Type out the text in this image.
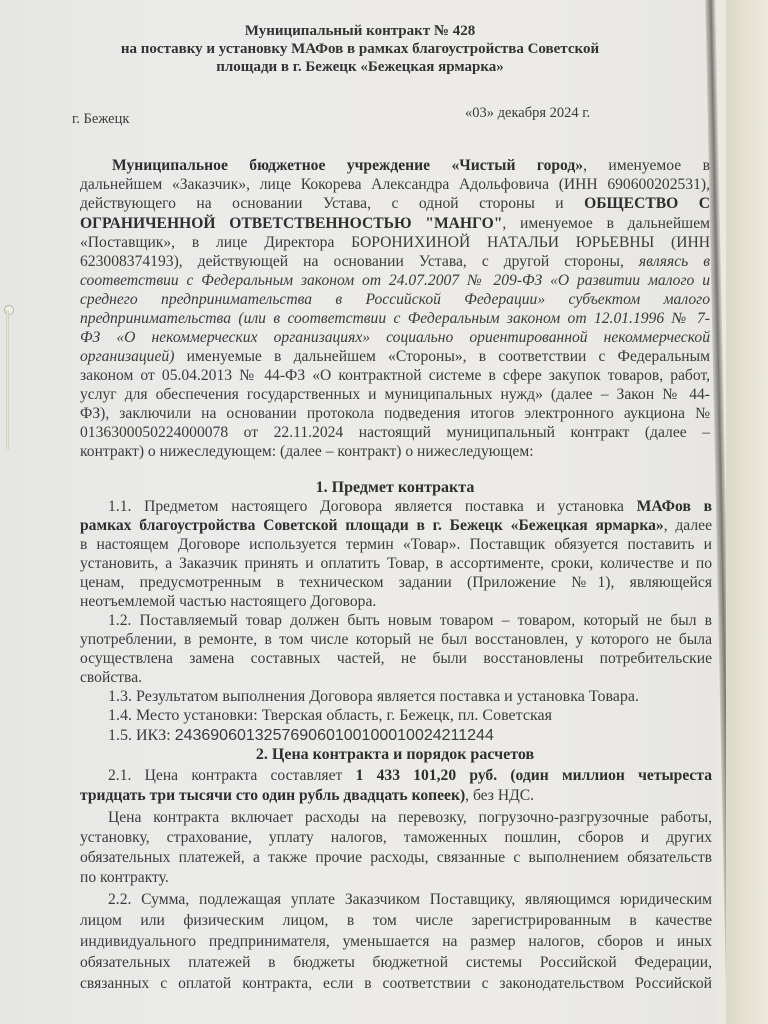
Муниципальный контракт № 428
на поставку и установку МАФов в рамках благоустройства Советской
площади в г. Бежецк «Бежецкая ярмарка»
г. Бежецк	«03» декабря 2024 г.
Муниципальное бюджетное учреждение «Чистый город», именуемое в
дальнейшем «Заказчик», лице Кокорева Александра Адольфовича (ИНН 690600202531),
действующего на основании Устава, с одной стороны и ОБЩЕСТВО С
ОГРАНИЧЕННОЙ ОТВЕТСТВЕННОСТЬЮ "МАНГО", именуемое в дальнейшем
«Поставщик», в лице Директора БОРОНИХИНОЙ НАТАЛЬИ ЮРЬЕВНЫ (ИНН
623008374193), действующей на основании Устава, с другой стороны, являясь в
соответствии с Федеральным законом от 24.07.2007 № 209-ФЗ «О развитии малого и
среднего предпринимательства в Российской Федерации» субъектом малого
предпринимательства (или в соответствии с Федеральным законом от 12.01.1996 № 7-
ФЗ «О некоммерческих организациях» социально ориентированной некоммерческой
организацией) именуемые в дальнейшем «Стороны», в соответствии с Федеральным
законом от 05.04.2013 № 44-ФЗ «О контрактной системе в сфере закупок товаров, работ,
услуг для обеспечения государственных и муниципальных нужд» (далее – Закон № 44-
ФЗ), заключили на основании протокола подведения итогов электронного аукциона №
0136300050224000078 от 22.11.2024 настоящий муниципальный контракт (далее –
контракт) о нижеследующем: (далее – контракт) о нижеследующем:
1. Предмет контракта
1.1. Предметом настоящего Договора является поставка и установка МАФов в
рамках благоустройства Советской площади в г. Бежецк «Бежецкая ярмарка», далее
в настоящем Договоре используется термин «Товар». Поставщик обязуется поставить и
установить, а Заказчик принять и оплатить Товар, в ассортименте, сроки, количестве и по
ценам, предусмотренным в техническом задании (Приложение №1), являющейся
неотъемлемой частью настоящего Договора.
1.2. Поставляемый товар должен быть новым товаром – товаром, который не был в
употреблении, в ремонте, в том числе который не был восстановлен, у которого не была
осуществлена замена составных частей, не были восстановлены потребительские
свойства.
1.3. Результатом выполнения Договора является поставка и установка Товара.
1.4. Место установки: Тверская область, г. Бежецк, пл. Советская
1.5. ИКЗ: 243690601325769060100100010024211244
2. Цена контракта и порядок расчетов
2.1. Цена контракта составляет 1 433 101,20 руб. (один миллион четыреста
тридцать три тысячи сто один рубль двадцать копеек), без НДС.
Цена контракта включает расходы на перевозку, погрузочно-разгрузочные работы,
установку, страхование, уплату налогов, таможенных пошлин, сборов и других
обязательных платежей, а также прочие расходы, связанные с выполнением обязательств
по контракту.
2.2. Сумма, подлежащая уплате Заказчиком Поставщику, являющимся юридическим
лицом или физическим лицом, в том числе зарегистрированным в качестве
индивидуального предпринимателя, уменьшается на размер налогов, сборов и иных
обязательных платежей в бюджеты бюджетной системы Российской Федерации,
связанных с оплатой контракта, если в соответствии с законодательством Российской
